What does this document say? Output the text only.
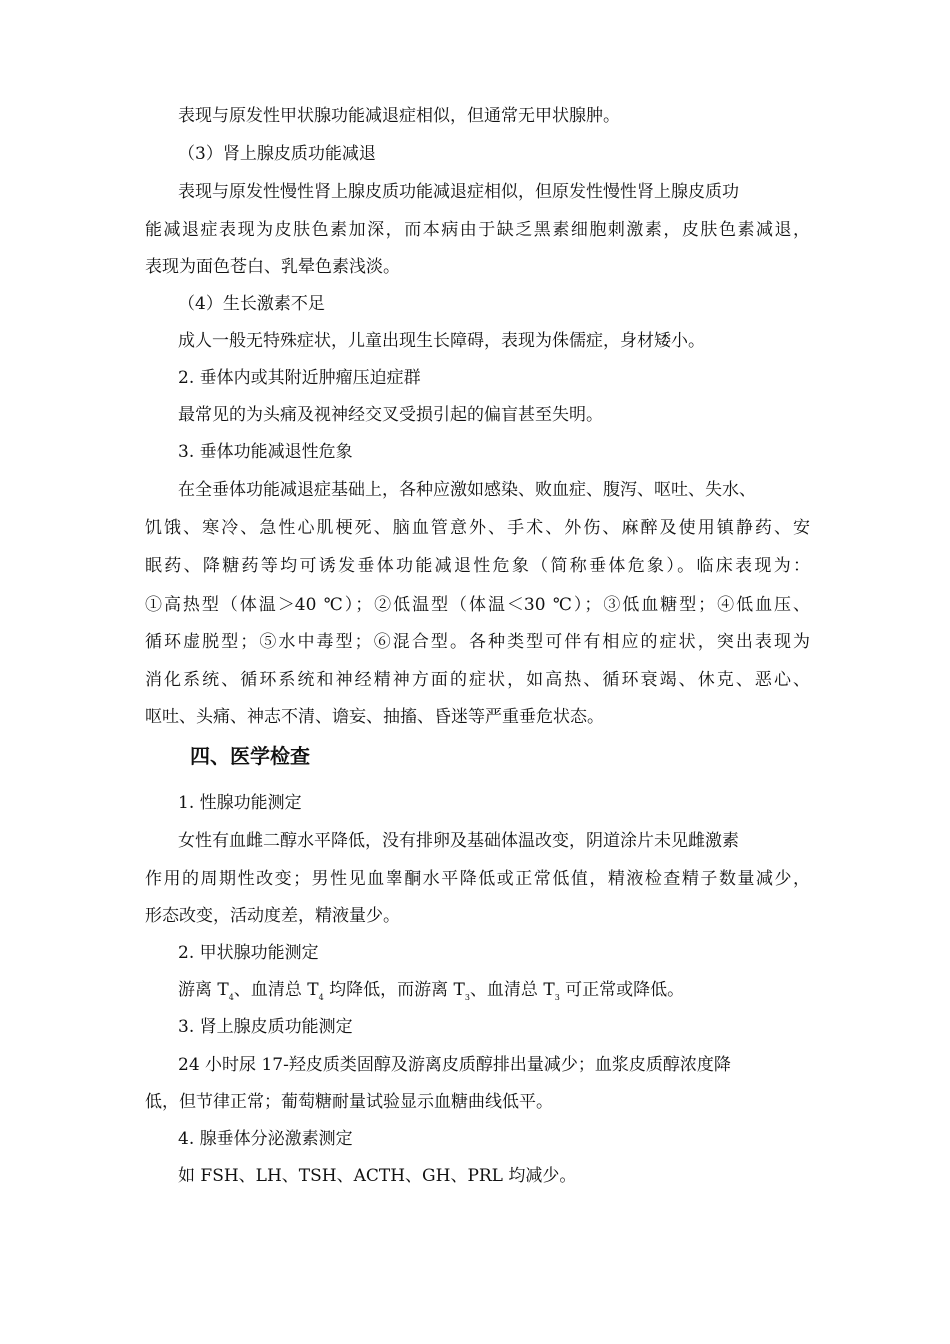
表现与原发性甲状腺功能减退症相似，但通常无甲状腺肿。
（3）肾上腺皮质功能减退
表现与原发性慢性肾上腺皮质功能减退症相似，但原发性慢性肾上腺皮质功
能减退症表现为皮肤色素加深，而本病由于缺乏黑素细胞刺激素，皮肤色素减退，
表现为面色苍白、乳晕色素浅淡。
（4）生长激素不足
成人一般无特殊症状，儿童出现生长障碍，表现为侏儒症，身材矮小。
2. 垂体内或其附近肿瘤压迫症群
最常见的为头痛及视神经交叉受损引起的偏盲甚至失明。
3. 垂体功能减退性危象
在全垂体功能减退症基础上，各种应激如感染、败血症、腹泻、呕吐、失水、
饥饿、寒冷、急性心肌梗死、脑血管意外、手术、外伤、麻醉及使用镇静药、安
眠药、降糖药等均可诱发垂体功能减退性危象（简称垂体危象）。临床表现为：
①高热型（体温＞40 ℃）；②低温型（体温＜30 ℃）；③低血糖型；④低血压、
循环虚脱型；⑤水中毒型；⑥混合型。各种类型可伴有相应的症状，突出表现为
消化系统、循环系统和神经精神方面的症状，如高热、循环衰竭、休克、恶心、
呕吐、头痛、神志不清、谵妄、抽搐、昏迷等严重垂危状态。
四、医学检查
1. 性腺功能测定
女性有血雌二醇水平降低，没有排卵及基础体温改变，阴道涂片未见雌激素
作用的周期性改变；男性见血睾酮水平降低或正常低值，精液检查精子数量减少，
形态改变，活动度差，精液量少。
2. 甲状腺功能测定
游离 $T_4$、血清总 $T_4$ 均降低，而游离 $T_3$、血清总 $T_3$ 可正常或降低。
3. 肾上腺皮质功能测定
24 小时尿 17-羟皮质类固醇及游离皮质醇排出量减少；血浆皮质醇浓度降
低，但节律正常；葡萄糖耐量试验显示血糖曲线低平。
4. 腺垂体分泌激素测定
如 FSH、LH、TSH、ACTH、GH、PRL 均减少。
